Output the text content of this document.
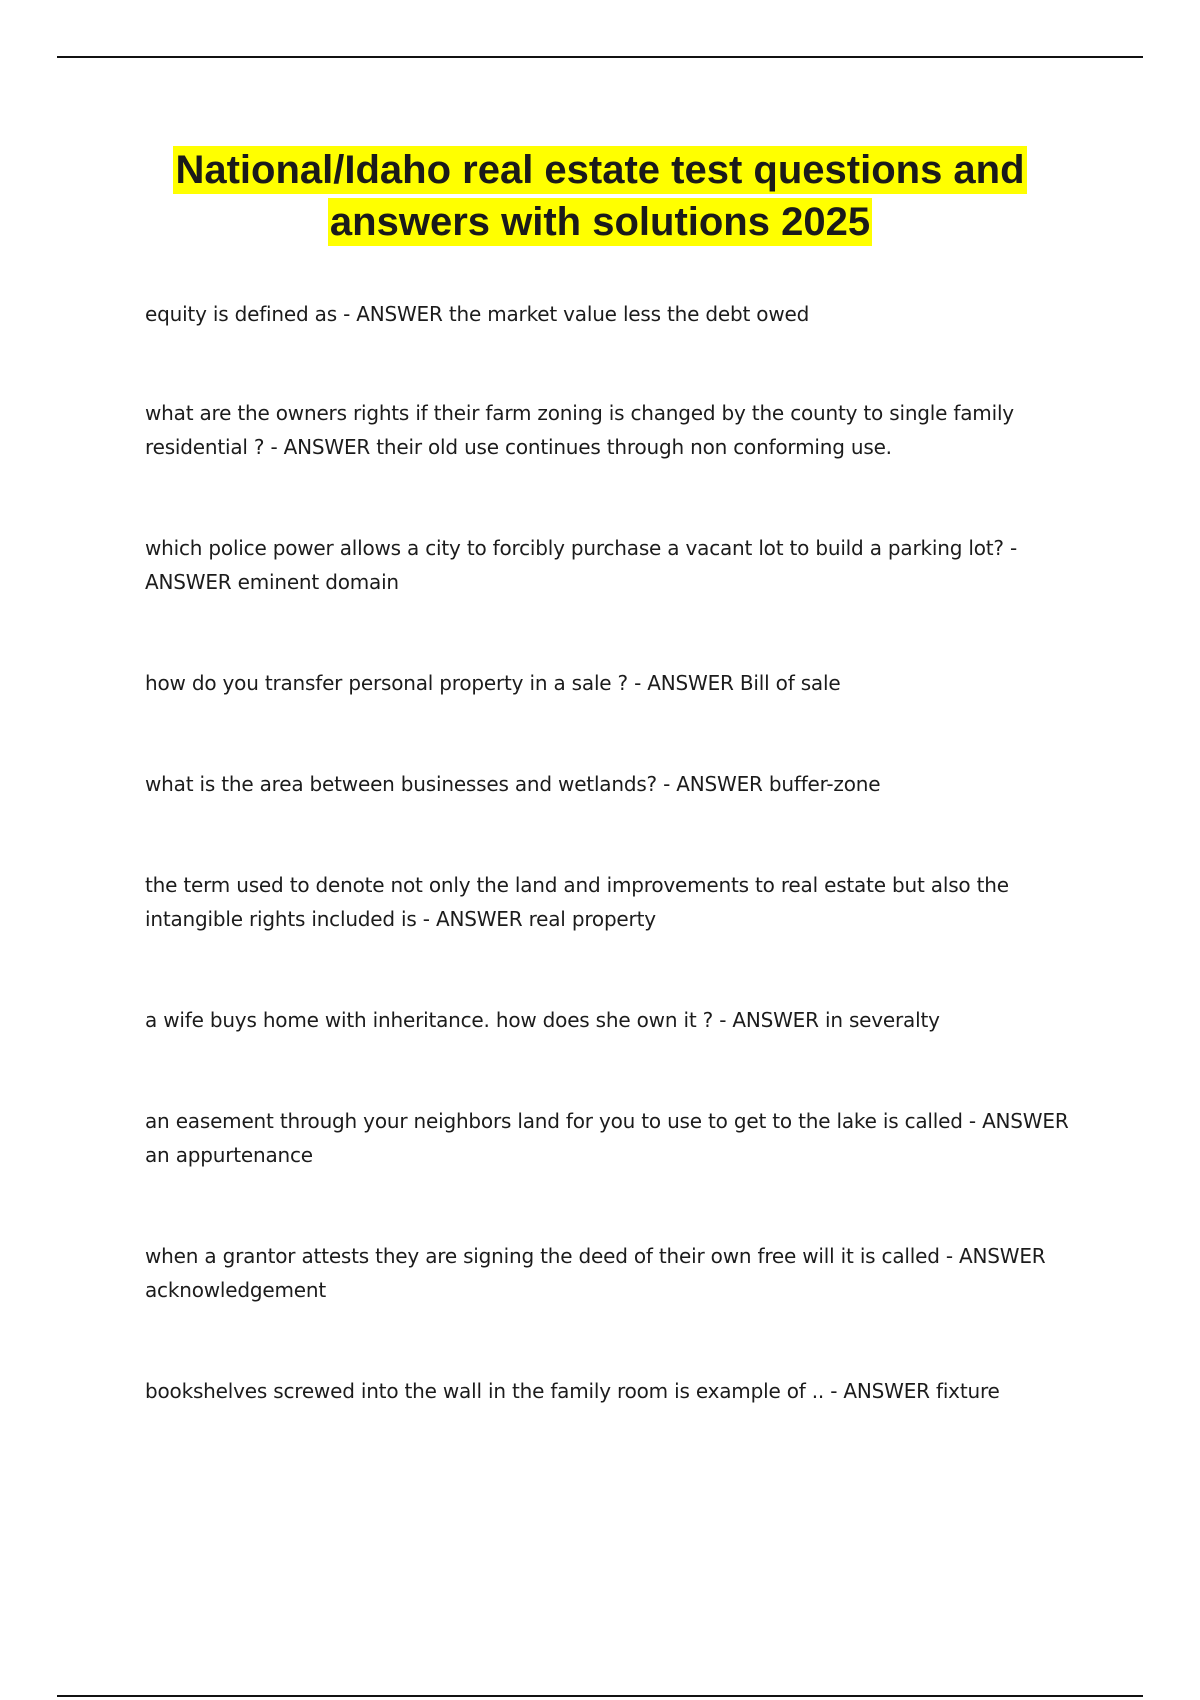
National/Idaho real estate test questions and answers with solutions 2025
equity is defined as - ANSWER the market value less the debt owed
what are the owners rights if their farm zoning is changed by the county to single family residential ? - ANSWER their old use continues through non conforming use.
which police power allows a city to forcibly purchase a vacant lot to build a parking lot? - ANSWER eminent domain
how do you transfer personal property in a sale ? - ANSWER Bill of sale
what is the area between businesses and wetlands? - ANSWER buffer-zone
the term used to denote not only the land and improvements to real estate but also the intangible rights included is - ANSWER real property
a wife buys home with inheritance. how does she own it ? - ANSWER in severalty
an easement through your neighbors land for you to use to get to the lake is called - ANSWER an appurtenance
when a grantor attests they are signing the deed of their own free will it is called - ANSWER acknowledgement
bookshelves screwed into the wall in the family room is example of .. - ANSWER fixture
